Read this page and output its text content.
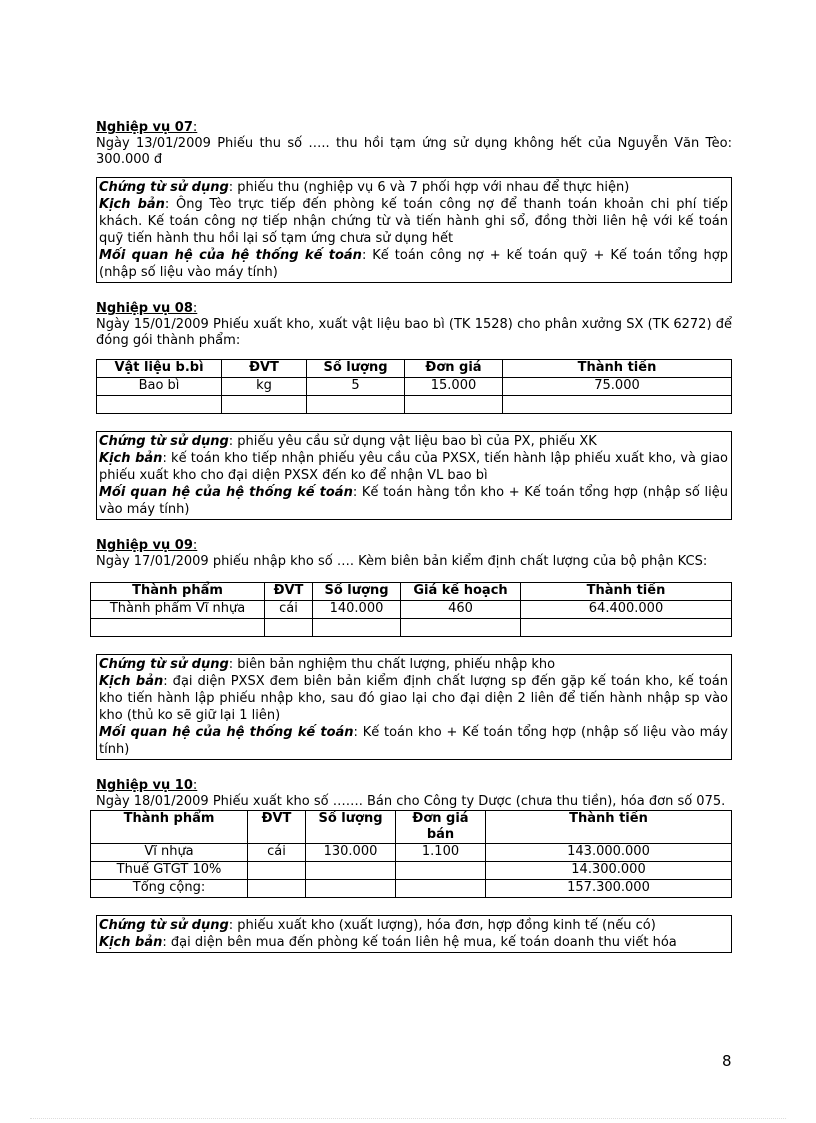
Nghiệp vụ 07:
Ngày 13/01/2009 Phiếu thu số ….. thu hồi tạm ứng sử dụng không hết của Nguyễn Văn Tèo: 300.000 đ
Chứng từ sử dụng: phiếu thu (nghiệp vụ 6 và 7 phối hợp với nhau để thực hiện)
Kịch bản: Ông Tèo trực tiếp đến phòng kế toán công nợ để thanh toán khoản chi phí tiếp khách. Kế toán công nợ tiếp nhận chứng từ và tiến hành ghi sổ, đồng thời liên hệ với kế toán quỹ tiến hành thu hồi lại số tạm ứng chưa sử dụng hết
Mối quan hệ của hệ thống kế toán: Kế toán công nợ + kế toán quỹ + Kế toán tổng hợp (nhập số liệu vào máy tính)
Nghiệp vụ 08:
Ngày 15/01/2009 Phiếu xuất kho, xuất vật liệu bao bì (TK 1528) cho phân xưởng SX (TK 6272) để đóng gói thành phẩm:
Vật liệu b.bì	ĐVT	Số lượng	Đơn giá	Thành tiền
Bao bì	kg	5	15.000	75.000

Chứng từ sử dụng: phiếu yêu cầu sử dụng vật liệu bao bì của PX, phiếu XK
Kịch bản: kế toán kho tiếp nhận phiếu yêu cầu của PXSX, tiến hành lập phiếu xuất kho, và giao phiếu xuất kho cho đại diện PXSX đến ko để nhận VL bao bì
Mối quan hệ của hệ thống kế toán: Kế toán hàng tồn kho + Kế toán tổng hợp (nhập số liệu vào máy tính)
Nghiệp vụ 09:
Ngày 17/01/2009 phiếu nhập kho số …. Kèm biên bản kiểm định chất lượng của bộ phận KCS:
Thành phẩm	ĐVT	Số lượng	Giá kế hoạch	Thành tiền
Thành phẩm Vĩ nhựa	cái	140.000	460	64.400.000

Chứng từ sử dụng: biên bản nghiệm thu chất lượng, phiếu nhập kho
Kịch bản: đại diện PXSX đem biên bản kiểm định chất lượng sp đến gặp kế toán kho, kế toán kho tiến hành lập phiếu nhập kho, sau đó giao lại cho đại diện 2 liên để tiến hành nhập sp vào kho (thủ ko sẽ giữ lại 1 liên)
Mối quan hệ của hệ thống kế toán: Kế toán kho + Kế toán tổng hợp (nhập số liệu vào máy tính)
Nghiệp vụ 10:
Ngày 18/01/2009 Phiếu xuất kho số ……. Bán cho Công ty Dược (chưa thu tiền), hóa đơn số 075.
Thành phẩm	ĐVT	Số lượng	Đơn giá bán	Thành tiền
Vĩ nhựa	cái	130.000	1.100	143.000.000
Thuế GTGT 10%				14.300.000
Tổng cộng:				157.300.000
Chứng từ sử dụng: phiếu xuất kho (xuất lượng), hóa đơn, hợp đồng kinh tế (nếu có)
Kịch bản: đại diện bên mua đến phòng kế toán liên hệ mua, kế toán doanh thu viết hóa
8
